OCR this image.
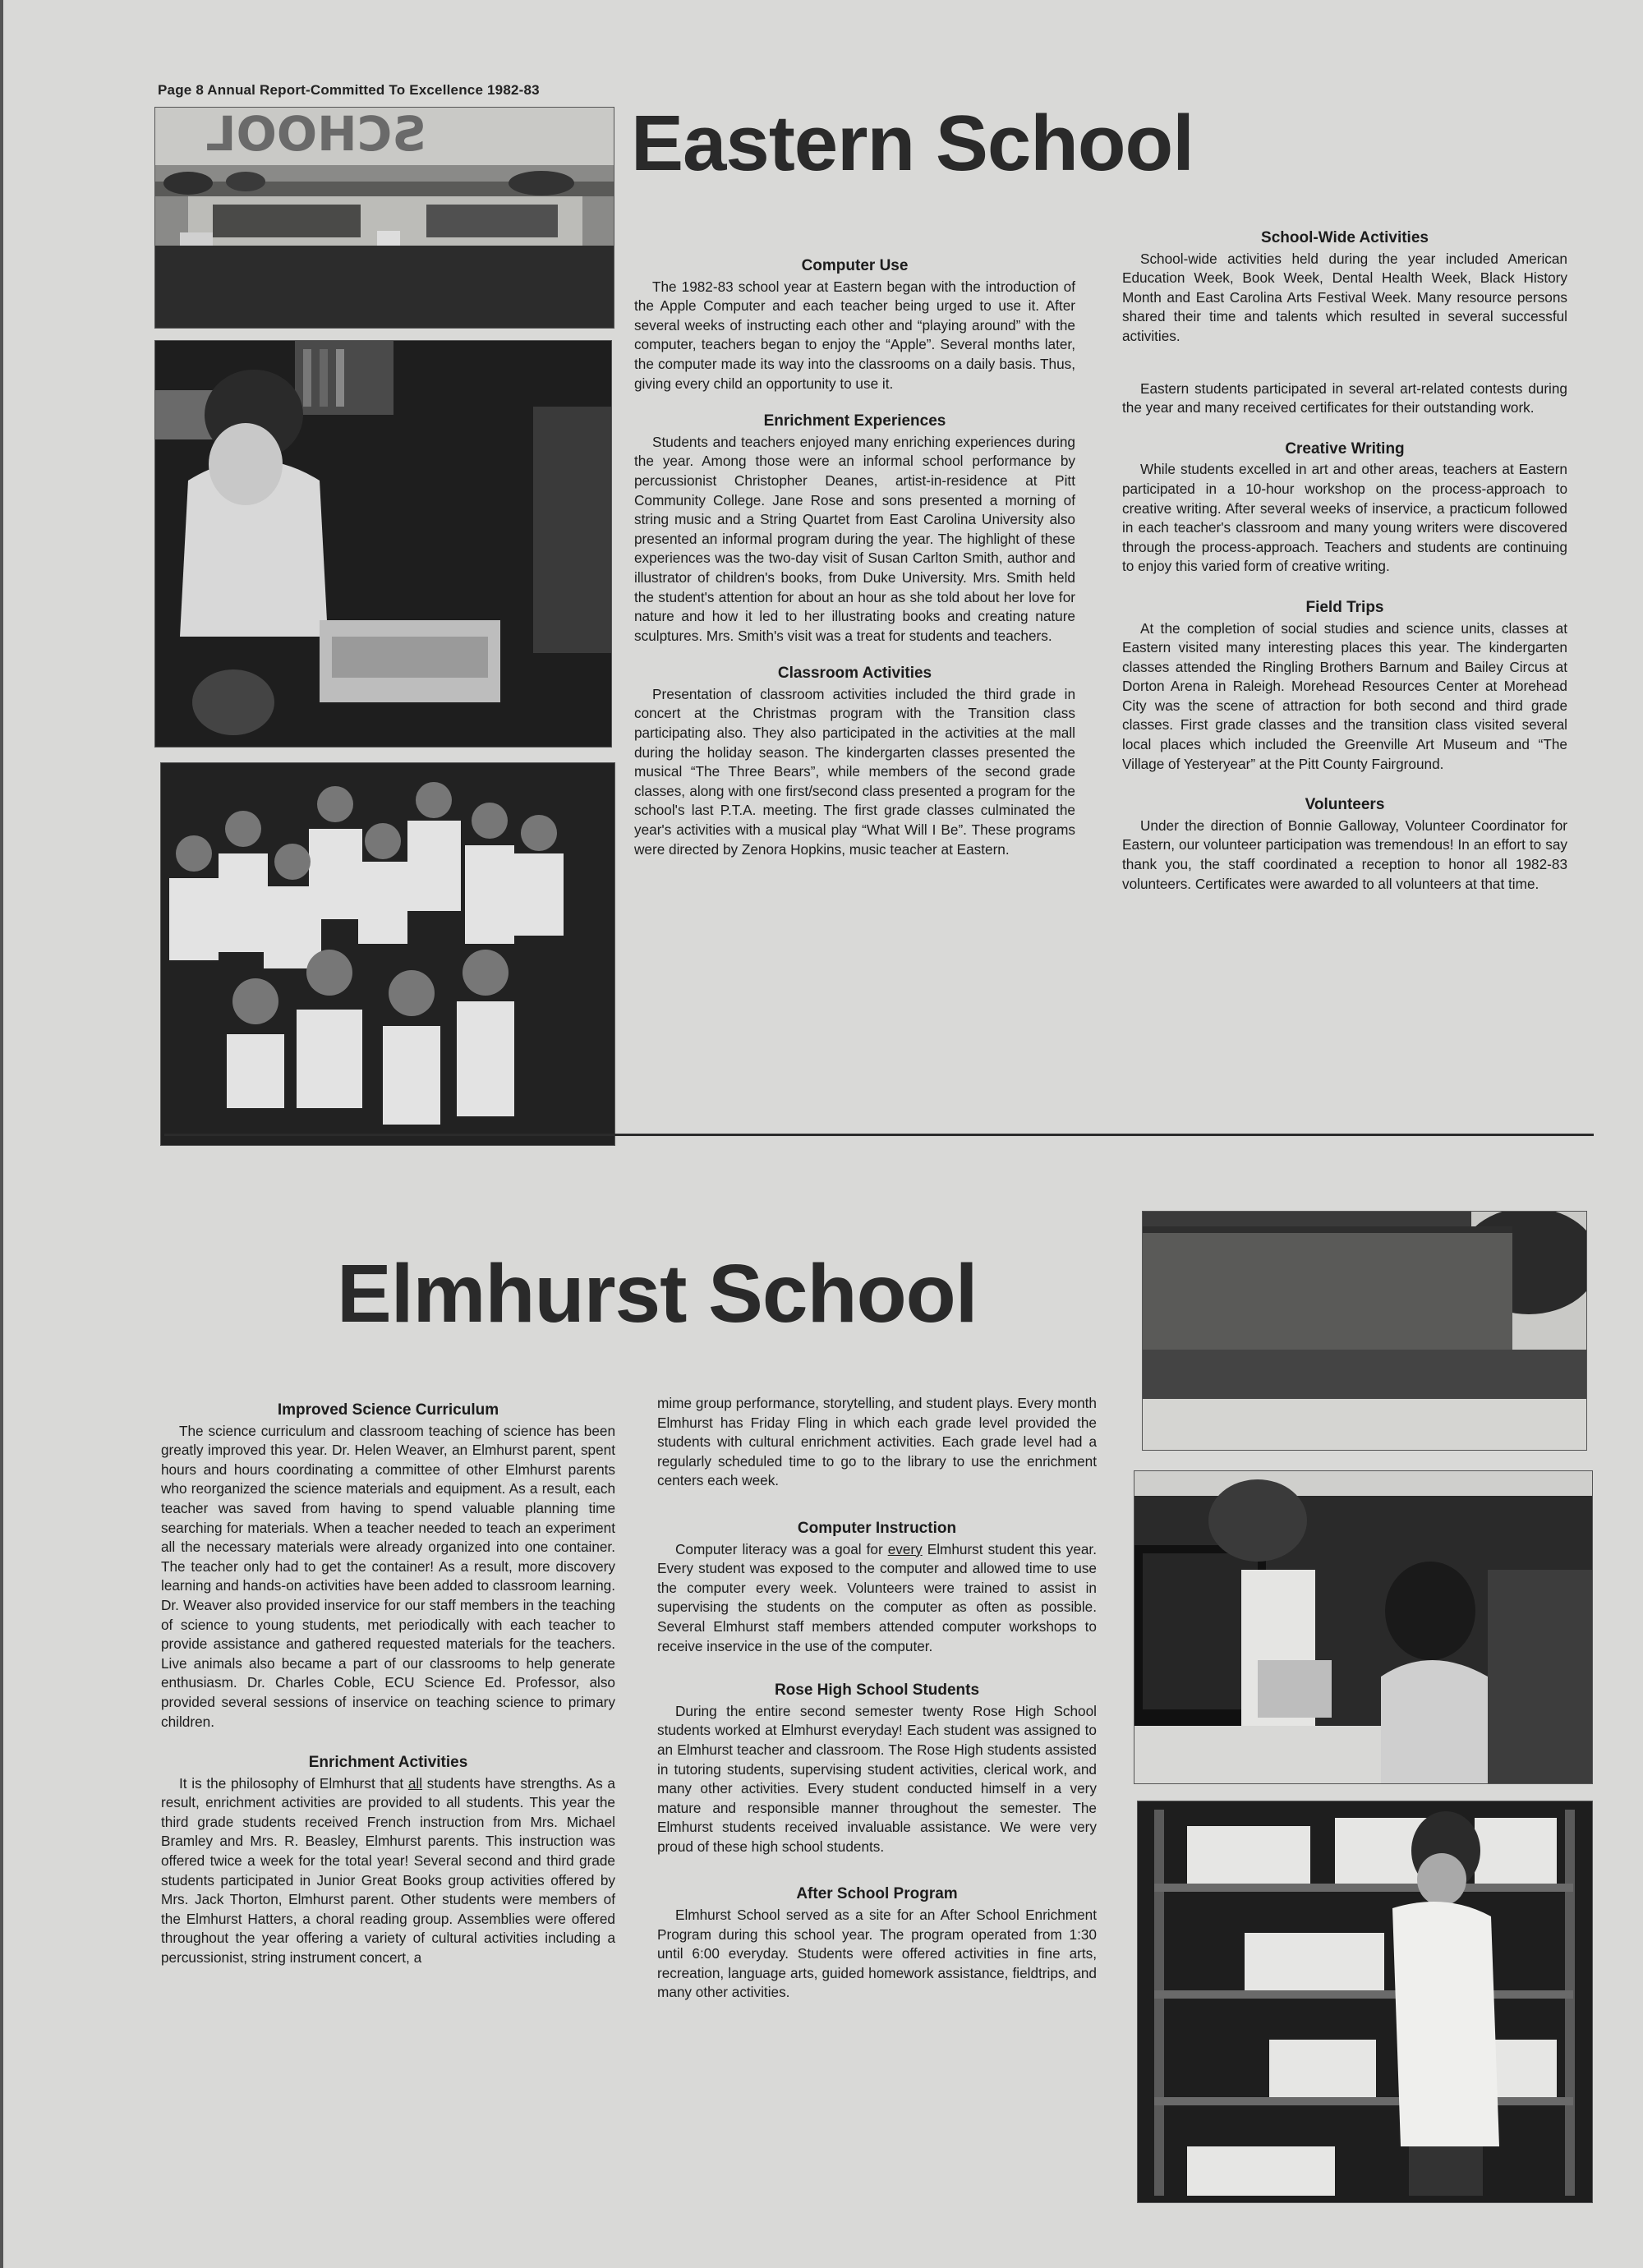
Page 8 Annual Report-Committed To Excellence 1982-83
Eastern School
SCHOOL
Computer Use

The 1982-83 school year at Eastern began with the introduction of the Apple Computer and each teacher being urged to use it. After several weeks of instructing each other and “playing around” with the computer, teachers began to enjoy the “Apple”. Several months later, the computer made its way into the classrooms on a daily basis. Thus, giving every child an opportunity to use it.

Enrichment Experiences

Students and teachers enjoyed many enriching experiences during the year. Among those were an informal school performance by percussionist Christopher Deanes, artist-in-residence at Pitt Community College. Jane Rose and sons presented a morning of string music and a String Quartet from East Carolina University also presented an informal program during the year. The highlight of these experiences was the two-day visit of Susan Carlton Smith, author and illustrator of children's books, from Duke University. Mrs. Smith held the student's attention for about an hour as she told about her love for nature and how it led to her illustrating books and creating nature sculptures. Mrs. Smith's visit was a treat for students and teachers.

Classroom Activities

Presentation of classroom activities included the third grade in concert at the Christmas program with the Transition class participating also. They also participated in the activities at the mall during the holiday season. The kindergarten classes presented the musical “The Three Bears”, while members of the second grade classes, along with one first/second class presented a program for the school's last P.T.A. meeting. The first grade classes culminated the year's activities with a musical play “What Will I Be”. These programs were directed by Zenora Hopkins, music teacher at Eastern.

School-Wide Activities

School-wide activities held during the year included American Education Week, Book Week, Dental Health Week, Black History Month and East Carolina Arts Festival Week. Many resource persons shared their time and talents which resulted in several successful activities.

Eastern students participated in several art-related contests during the year and many received certificates for their outstanding work.

Creative Writing

While students excelled in art and other areas, teachers at Eastern participated in a 10-hour workshop on the process-approach to creative writing. After several weeks of inservice, a practicum followed in each teacher's classroom and many young writers were discovered through the process-approach. Teachers and students are continuing to enjoy this varied form of creative writing.

Field Trips

At the completion of social studies and science units, classes at Eastern visited many interesting places this year. The kindergarten classes attended the Ringling Brothers Barnum and Bailey Circus at Dorton Arena in Raleigh. Morehead Resources Center at Morehead City was the scene of attraction for both second and third grade classes. First grade classes and the transition class visited several local places which included the Greenville Art Museum and “The Village of Yesteryear” at the Pitt County Fairground.

Volunteers

Under the direction of Bonnie Galloway, Volunteer Coordinator for Eastern, our volunteer participation was tremendous! In an effort to say thank you, the staff coordinated a reception to honor all 1982-83 volunteers. Certificates were awarded to all volunteers at that time.

Elmhurst School
Improved Science Curriculum

The science curriculum and classroom teaching of science has been greatly improved this year. Dr. Helen Weaver, an Elmhurst parent, spent hours and hours coordinating a committee of other Elmhurst parents who reorganized the science materials and equipment. As a result, each teacher was saved from having to spend valuable planning time searching for materials. When a teacher needed to teach an experiment all the necessary materials were already organized into one container. The teacher only had to get the container! As a result, more discovery learning and hands-on activities have been added to classroom learning. Dr. Weaver also provided inservice for our staff members in the teaching of science to young students, met periodically with each teacher to provide assistance and gathered requested materials for the teachers. Live animals also became a part of our classrooms to help generate enthusiasm. Dr. Charles Coble, ECU Science Ed. Professor, also provided several sessions of inservice on teaching science to primary children.

Enrichment Activities

It is the philosophy of Elmhurst that all students have strengths. As a result, enrichment activities are provided to all students. This year the third grade students received French instruction from Mrs. Michael Bramley and Mrs. R. Beasley, Elmhurst parents. This instruction was offered twice a week for the total year! Several second and third grade students participated in Junior Great Books group activities offered by Mrs. Jack Thorton, Elmhurst parent. Other students were members of the Elmhurst Hatters, a choral reading group. Assemblies were offered throughout the year offering a variety of cultural activities including a percussionist, string instrument concert, a

mime group performance, storytelling, and student plays. Every month Elmhurst has Friday Fling in which each grade level provided the students with cultural enrichment activities. Each grade level had a regularly scheduled time to go to the library to use the enrichment centers each week.

Computer Instruction

Computer literacy was a goal for every Elmhurst student this year. Every student was exposed to the computer and allowed time to use the computer every week. Volunteers were trained to assist in supervising the students on the computer as often as possible. Several Elmhurst staff members attended computer workshops to receive inservice in the use of the computer.

Rose High School Students

During the entire second semester twenty Rose High School students worked at Elmhurst everyday! Each student was assigned to an Elmhurst teacher and classroom. The Rose High students assisted in tutoring students, supervising student activities, clerical work, and many other activities. Every student conducted himself in a very mature and responsible manner throughout the semester. The Elmhurst students received invaluable assistance. We were very proud of these high school students.

After School Program

Elmhurst School served as a site for an After School Enrichment Program during this school year. The program operated from 1:30 until 6:00 everyday. Students were offered activities in fine arts, recreation, language arts, guided homework assistance, fieldtrips, and many other activities.
